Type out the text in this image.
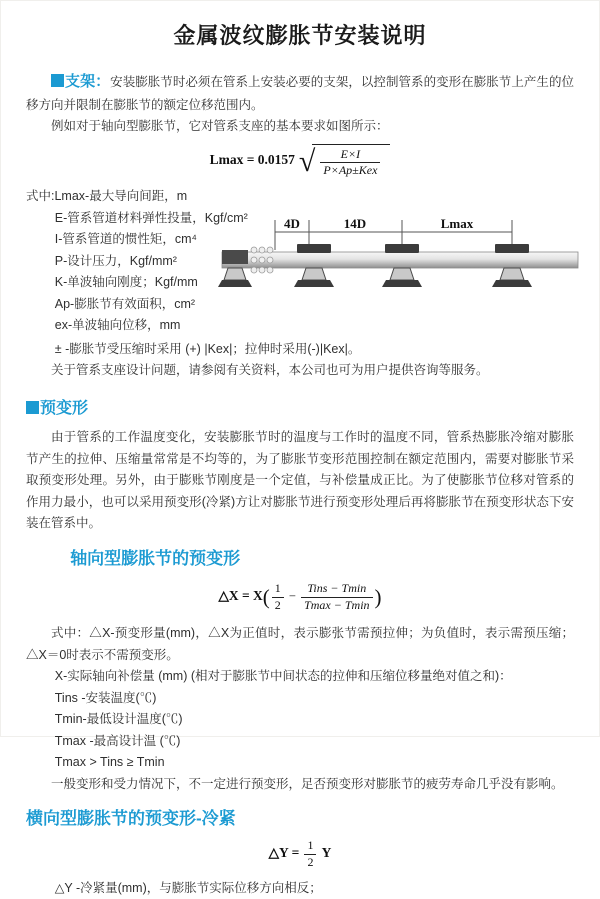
金属波纹膨胀节安装说明

支架：安装膨胀节时必须在管系上安装必要的支架，以控制管系的变形在膨胀节上产生的位移方向并限制在膨胀节的额定位移范围内。

例如对于轴向型膨胀节，它对管系支座的基本要求如图所示：

Lmax = 0.0157 √ $\frac{E\times I}{\text{P×Ap±Kex}}$
式中:Lmax-最大导向间距，m
E-管系管道材料弹性投量，Kgf/cm²
I-管系管道的惯性矩，cm⁴
P-设计压力，Kgf/mm²
K-单波轴向刚度；Kgf/mm
Ap-膨胀节有效面积，cm²
ex-单波轴向位移，mm
4D	14D	Lmax

± -膨胀节受压缩时采用 (+) |Kex|；拉伸时采用(-)|Kex|。

关于管系支座设计问题，请参阅有关资料，本公司也可为用户提供咨询等服务。

预变形

由于管系的工作温度变化，安装膨胀节时的温度与工作时的温度不同，管系热膨胀冷缩对膨胀节产生的拉伸、压缩量常常是不均等的，为了膨胀节变形范围控制在额定范围内，需要对膨胀节采取预变形处理。另外，由于膨账节刚度是一个定值，与补偿量成正比。为了使膨胀节位移对管系的作用力最小，也可以采用预变形(冷紧)方让对膨胀节进行预变形处理后再将膨胀节在预变形状态下安装在管系中。

轴向型膨胀节的预变形
△X = $X( \frac{1}{2} - \frac{\text{Tins − Tmin}}{Tmax - Tmin}$ )

式中：△X-预变形量(mm)，△X为正值时，表示膨张节需预拉伸；为负值时，表示需预压缩；△X＝0时表示不需预变形。

X-实际轴向补偿量 (mm) (相对于膨胀节中间状态的拉伸和压缩位移量绝对值之和)：

Tins -安装温度(℃)

Tmin-最低设计温度(℃)

Tmax -最高设计温 (℃)

Tmax > Tins ≥ Tmin

一般变形和受力情况下，不一定进行预变形，足否预变形对膨胀节的疲劳寿命几乎没有影响。

横向型膨胀节的预变形-冷紧
△Y = $\frac{1}{2}$ Y

△Y -冷紧量(mm)，与膨胀节实际位移方向相反；
